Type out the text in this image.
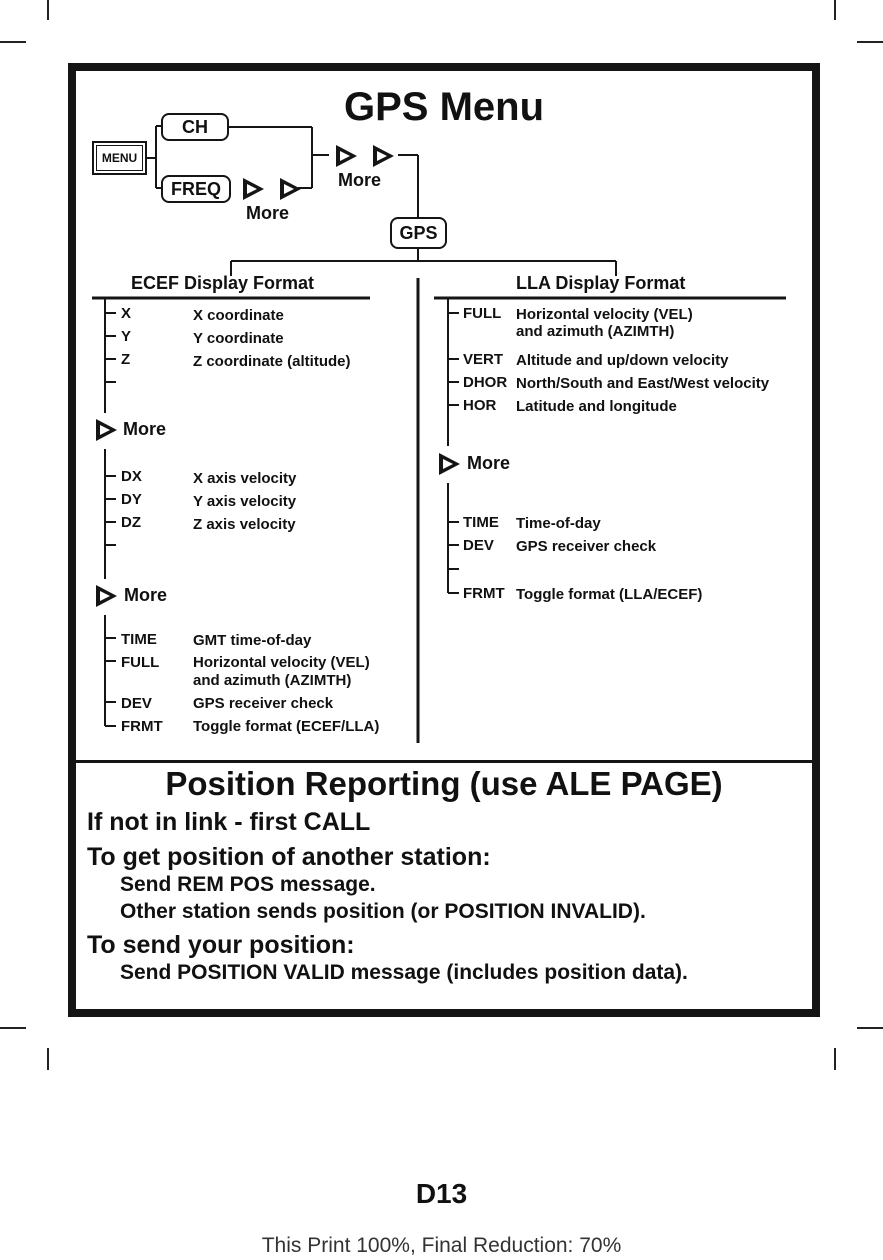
GPS Menu
MENU
CH
FREQ
More
More
GPS
ECEF Display Format	LLA Display Format
X	X coordinate
Y	Y coordinate
Z	Z coordinate (altitude)
More
DX	X axis velocity
DY	Y axis velocity
DZ	Z axis velocity
More
TIME GMT time-of-day
FULL Horizontal velocity (VEL)
and azimuth (AZIMTH)
DEV	GPS receiver check
FRMT Toggle format (ECEF/LLA)
FULL Horizontal velocity (VEL)
and azimuth (AZIMTH)
VERT Altitude and up/down velocity
DHOR North/South and East/West velocity
HOR Latitude and longitude
More
TIME Time-of-day
DEV GPS receiver check
FRMT Toggle format (LLA/ECEF)
Position Reporting (use ALE PAGE)
If not in link - first CALL
To get position of another station:
Send REM POS message.
Other station sends position (or POSITION INVALID).
To send your position:
Send POSITION VALID message (includes position data).
D13
This Print 100%, Final Reduction: 70%
